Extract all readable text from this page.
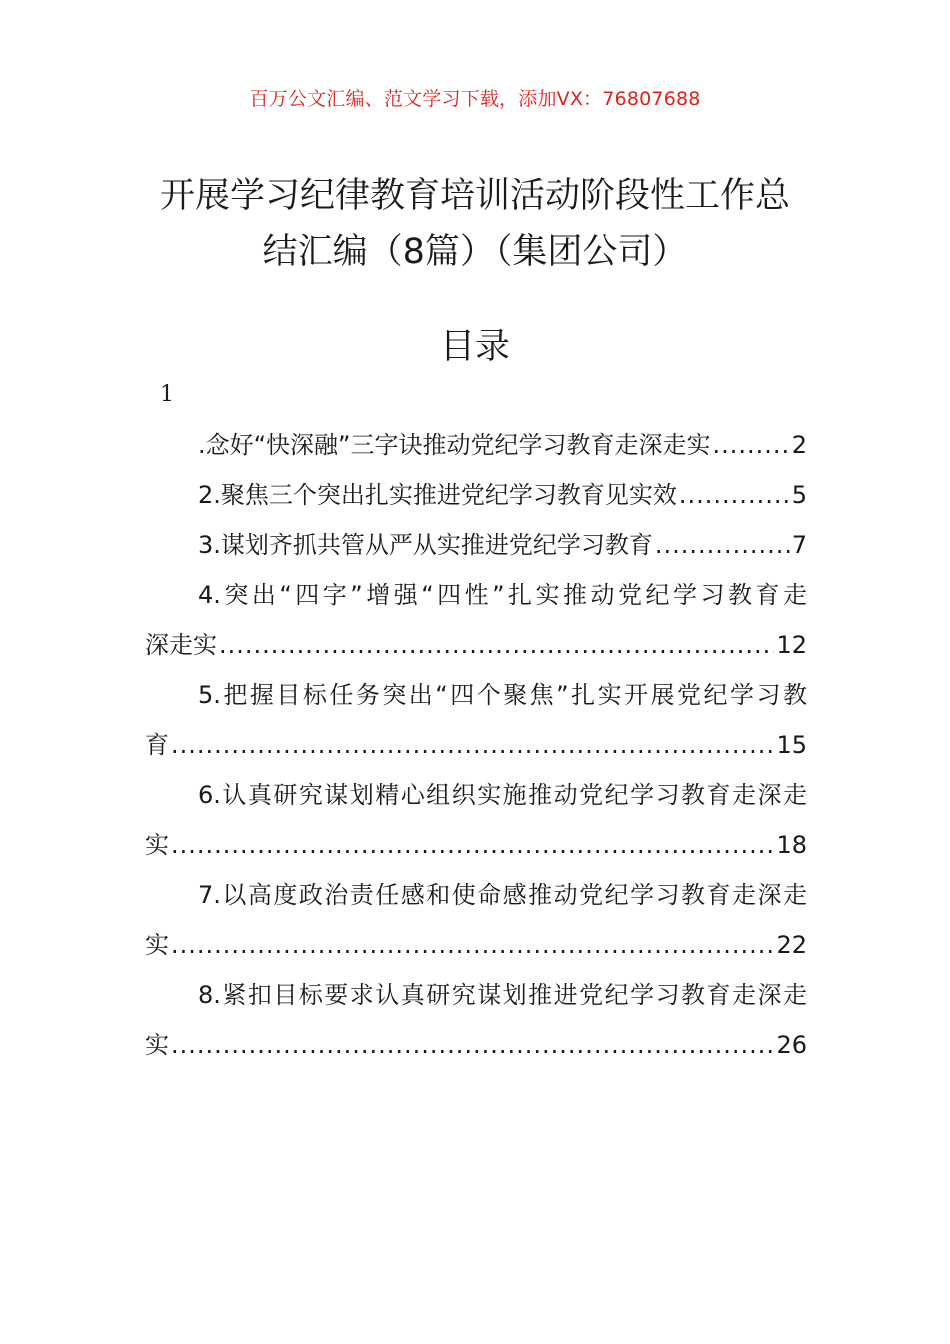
百万公文汇编、范文学习下载，添加VX：76807688
开展学习纪律教育培训活动阶段性工作总
结汇编（8篇）（集团公司）
目录
1
.念好“快深融”三字诀推动党纪学习教育走深走实 .....	2
2.聚焦三个突出扎实推进党纪学习教育见实效 .....	5
3.谋划齐抓共管从严从实推进党纪学习教育 .....	7
4.突出“四字”增强“四性”扎实推动党纪学习教育走
深走实 .....	12
5.把握目标任务突出“四个聚焦”扎实开展党纪学习教
育 .....	15
6.认真研究谋划精心组织实施推动党纪学习教育走深走
实 .....	18
7.以高度政治责任感和使命感推动党纪学习教育走深走
实 .....	22
8.紧扣目标要求认真研究谋划推进党纪学习教育走深走
实 .....	26
